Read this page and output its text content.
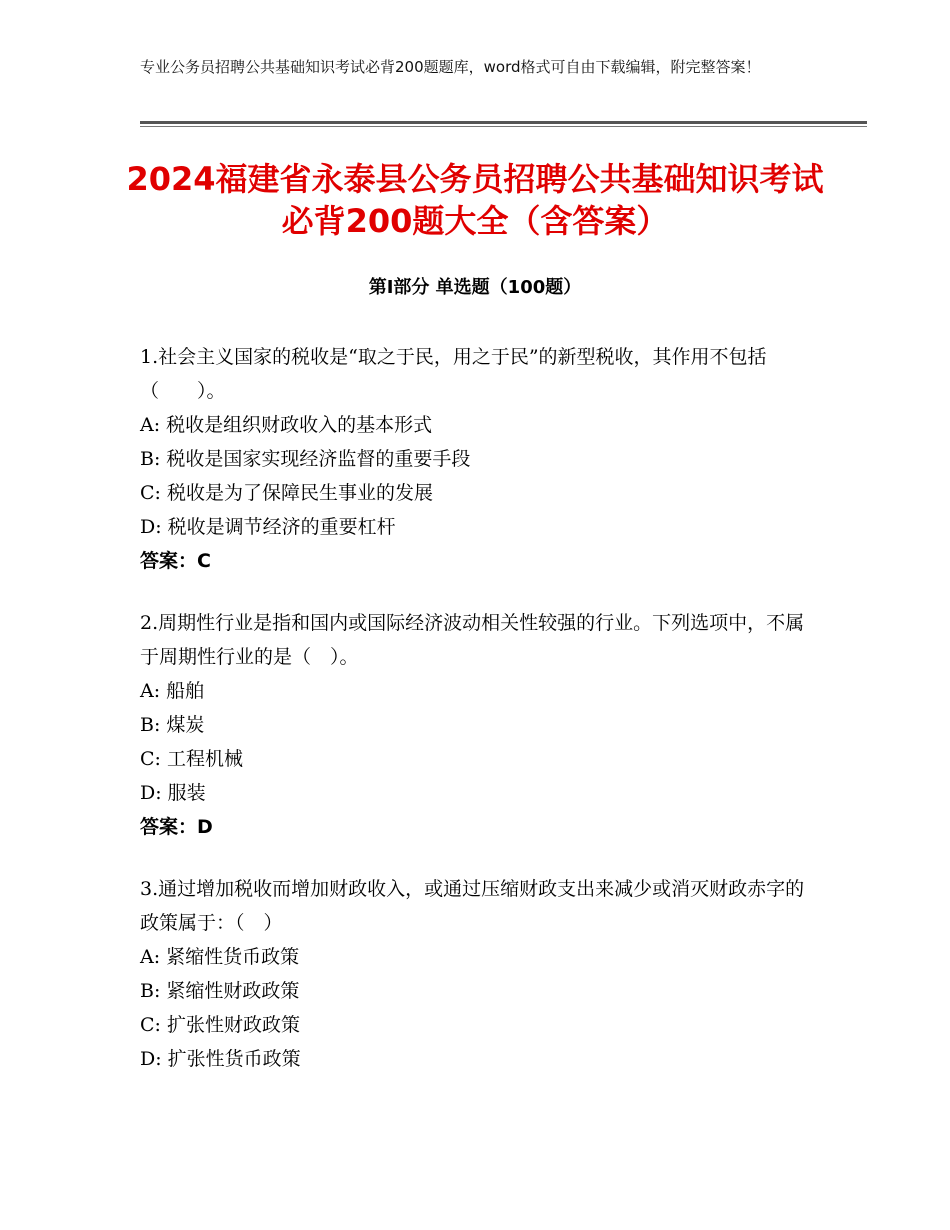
专业公务员招聘公共基础知识考试必背200题题库，word格式可自由下载编辑，附完整答案！
2024福建省永泰县公务员招聘公共基础知识考试必背200题大全（含答案）
第Ⅰ部分 单选题（100题）

1.社会主义国家的税收是“取之于民，用之于民”的新型税收，其作用不包括（　　）。

A: 税收是组织财政收入的基本形式

B: 税收是国家实现经济监督的重要手段

C: 税收是为了保障民生事业的发展

D: 税收是调节经济的重要杠杆

答案：C

2.周期性行业是指和国内或国际经济波动相关性较强的行业。下列选项中，不属于周期性行业的是（　）。

A: 船舶

B: 煤炭

C: 工程机械

D: 服装

答案：D

3.通过增加税收而增加财政收入，或通过压缩财政支出来减少或消灭财政赤字的政策属于：（　）

A: 紧缩性货币政策

B: 紧缩性财政政策

C: 扩张性财政政策

D: 扩张性货币政策
